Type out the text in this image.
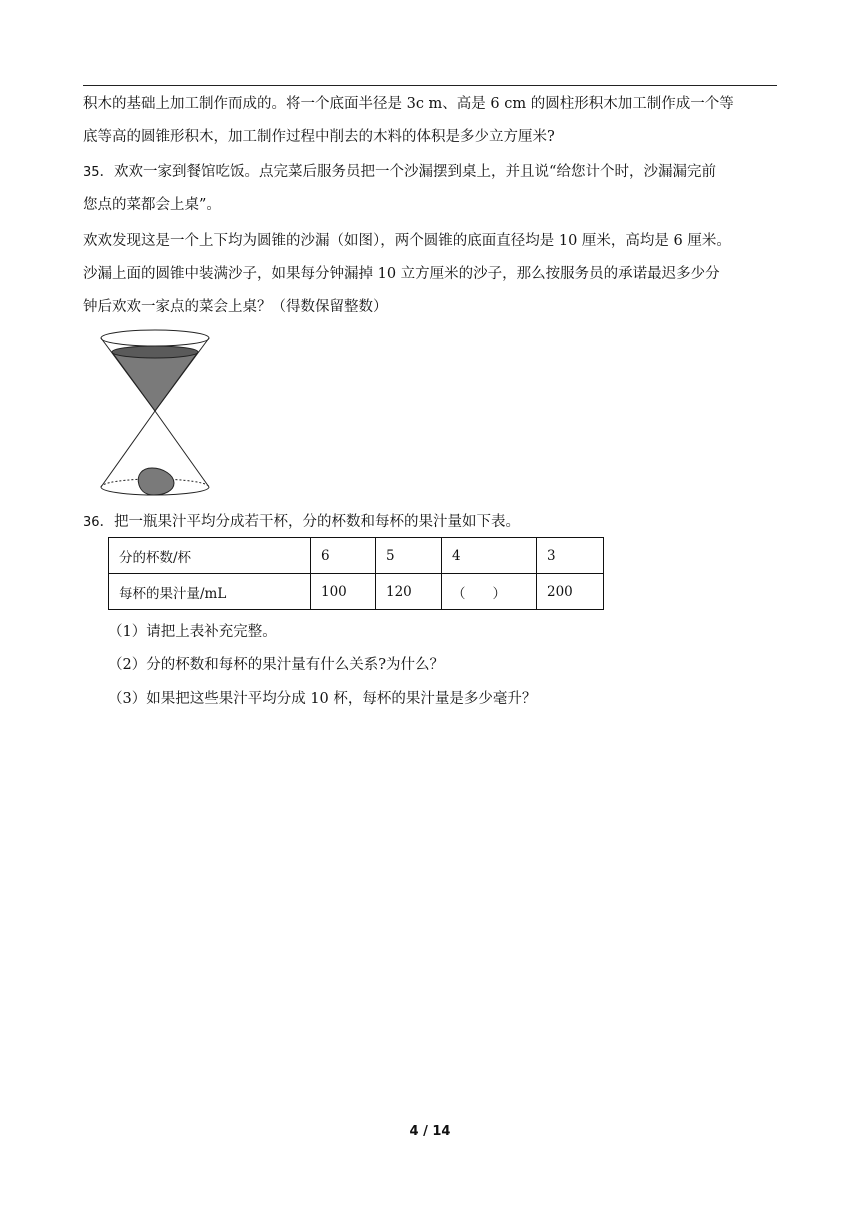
积木的基础上加工制作而成的。将一个底面半径是 3c m、高是 6 cm 的圆柱形积木加工制作成一个等
底等高的圆锥形积木，加工制作过程中削去的木料的体积是多少立方厘米?
35．欢欢一家到餐馆吃饭。点完菜后服务员把一个沙漏摆到桌上，并且说“给您计个时，沙漏漏完前
您点的菜都会上桌”。
欢欢发现这是一个上下均为圆锥的沙漏（如图），两个圆锥的底面直径均是 10 厘米，高均是 6 厘米。
沙漏上面的圆锥中装满沙子，如果每分钟漏掉 10 立方厘米的沙子，那么按服务员的承诺最迟多少分
钟后欢欢一家点的菜会上桌？（得数保留整数）
36．把一瓶果汁平均分成若干杯，分的杯数和每杯的果汁量如下表。
分的杯数/杯	6	5	4	3
每杯的果汁量/mL	100	120	（　　）	200
（1）请把上表补充完整。
（2）分的杯数和每杯的果汁量有什么关系?为什么？
（3）如果把这些果汁平均分成 10 杯，每杯的果汁量是多少毫升？
4 / 14
